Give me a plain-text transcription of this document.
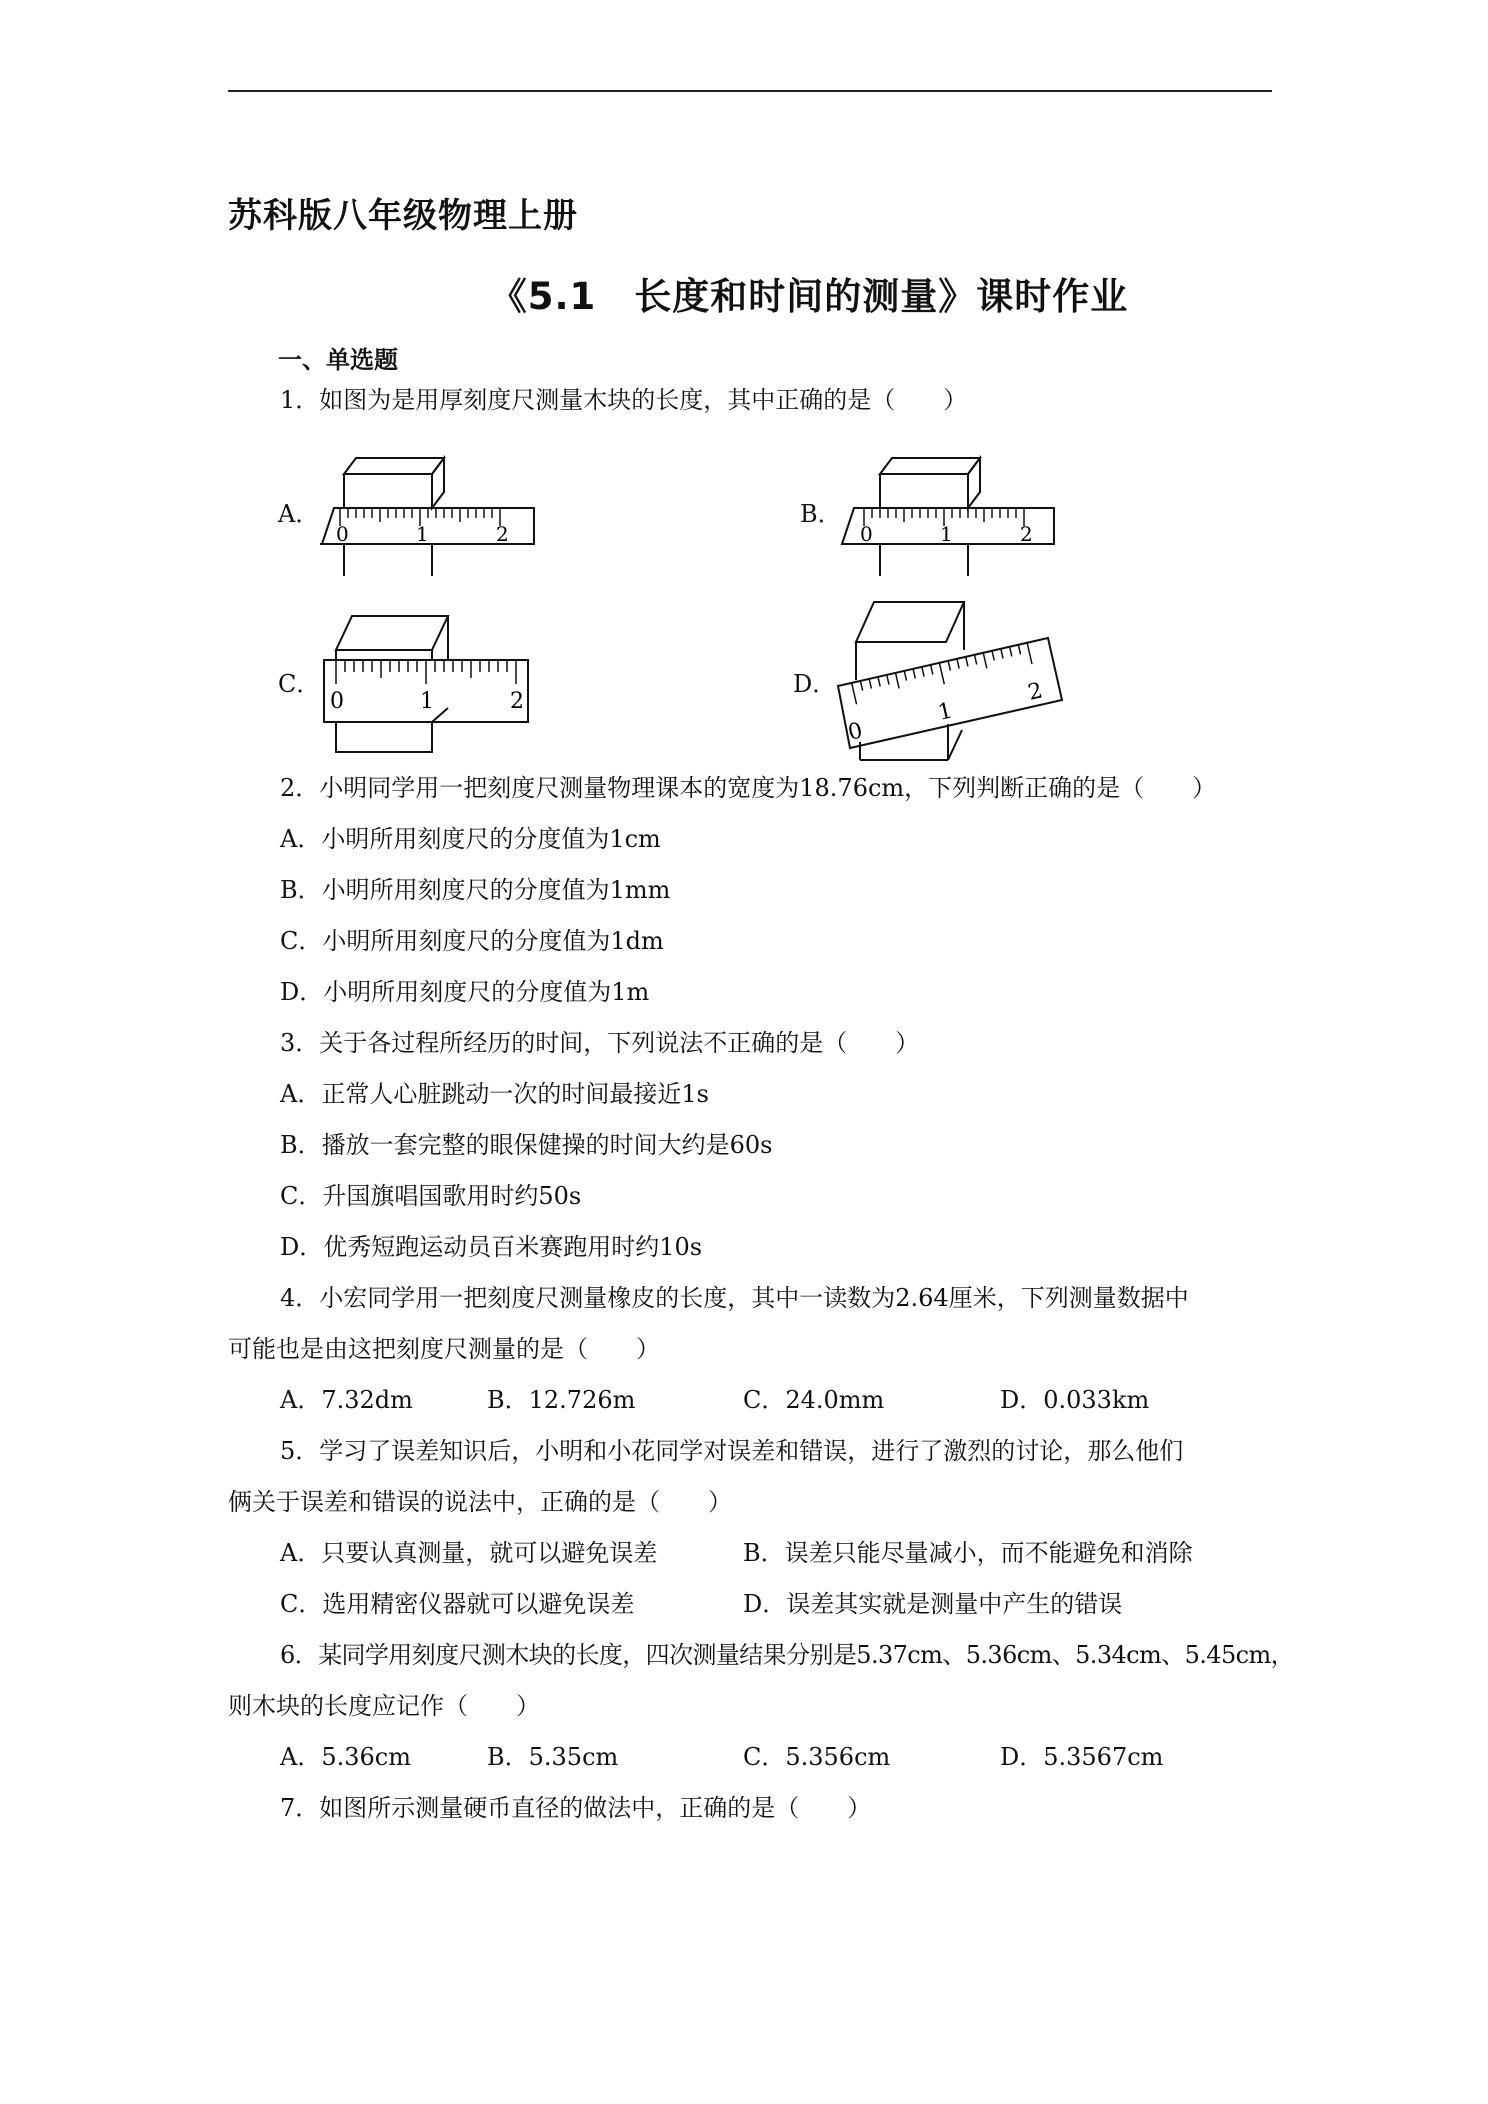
苏科版八年级物理上册
《5.1　长度和时间的测量》课时作业
一、单选题
1．如图为是用厚刻度尺测量木块的长度，其中正确的是（　　）
A．	B．
C．	D．
0	1	2	0	1	2
0	1	2
0
1
2
2．小明同学用一把刻度尺测量物理课本的宽度为18.76cm，下列判断正确的是（　　）
A．小明所用刻度尺的分度值为1cm
B．小明所用刻度尺的分度值为1mm
C．小明所用刻度尺的分度值为1dm
D．小明所用刻度尺的分度值为1m
3．关于各过程所经历的时间，下列说法不正确的是（　　）
A．正常人心脏跳动一次的时间最接近1s
B．播放一套完整的眼保健操的时间大约是60s
C．升国旗唱国歌用时约50s
D．优秀短跑运动员百米赛跑用时约10s
4．小宏同学用一把刻度尺测量橡皮的长度，其中一读数为2.64厘米，下列测量数据中
可能也是由这把刻度尺测量的是（　　）
A．7.32dm	B．12.726m	C．24.0mm	D．0.033km
5．学习了误差知识后，小明和小花同学对误差和错误，进行了激烈的讨论，那么他们
俩关于误差和错误的说法中，正确的是（　　）
A．只要认真测量，就可以避免误差	B．误差只能尽量减小，而不能避免和消除
C．选用精密仪器就可以避免误差	D．误差其实就是测量中产生的错误
6．某同学用刻度尺测木块的长度，四次测量结果分别是5.37cm、5.36cm、5.34cm、5.45cm，
则木块的长度应记作（　　）
A．5.36cm	B．5.35cm	C．5.356cm	D．5.3567cm
7．如图所示测量硬币直径的做法中，正确的是（　　）
